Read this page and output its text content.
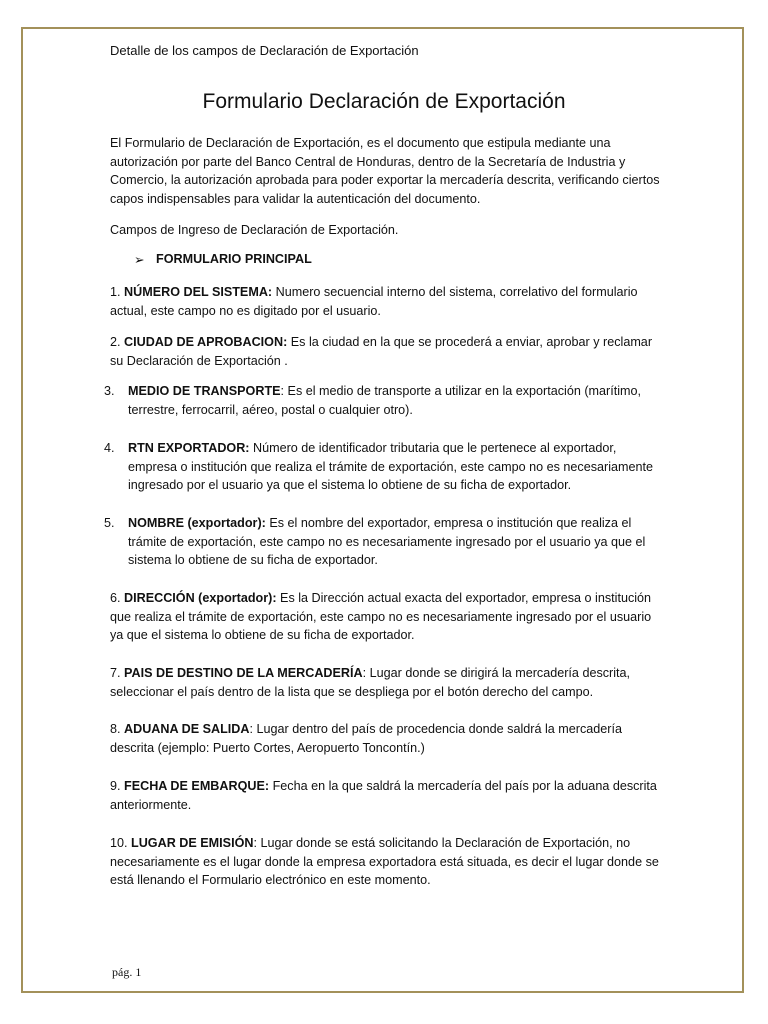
Detalle de los campos de Declaración de Exportación
Formulario Declaración de Exportación
El Formulario de Declaración de Exportación, es el documento que estipula mediante una autorización por parte del Banco Central de Honduras, dentro de la Secretaría de Industria y Comercio, la autorización aprobada para poder exportar la mercadería descrita, verificando ciertos capos indispensables para validar la autenticación del documento.
Campos de Ingreso de Declaración de Exportación.
➢ FORMULARIO PRINCIPAL
1. NÚMERO DEL SISTEMA: Numero secuencial interno del sistema, correlativo del formulario actual, este campo no es digitado por el usuario.
2. CIUDAD DE APROBACION: Es la ciudad en la que se procederá a enviar, aprobar y reclamar su Declaración de Exportación .
3. MEDIO DE TRANSPORTE: Es el medio de transporte a utilizar en la exportación (marítimo, terrestre, ferrocarril, aéreo, postal o cualquier otro).
4. RTN EXPORTADOR: Número de identificador tributaria que le pertenece al exportador, empresa o institución que realiza el trámite de exportación, este campo no es necesariamente ingresado por el usuario ya que el sistema lo obtiene de su ficha de exportador.
5. NOMBRE (exportador): Es el nombre del exportador, empresa o institución que realiza el trámite de exportación, este campo no es necesariamente ingresado por el usuario ya que el sistema lo obtiene de su ficha de exportador.
6. DIRECCIÓN (exportador): Es la Dirección actual exacta del exportador, empresa o institución que realiza el trámite de exportación, este campo no es necesariamente ingresado por el usuario ya que el sistema lo obtiene de su ficha de exportador.
7. PAIS DE DESTINO DE LA MERCADERÍA: Lugar donde se dirigirá la mercadería descrita, seleccionar el país dentro de la lista que se despliega por el botón derecho del campo.
8. ADUANA DE SALIDA: Lugar dentro del país de procedencia donde saldrá la mercadería descrita (ejemplo: Puerto Cortes, Aeropuerto Toncontín.)
9. FECHA DE EMBARQUE: Fecha en la que saldrá la mercadería del país por la aduana descrita anteriormente.
10. LUGAR DE EMISIÓN: Lugar donde se está solicitando la Declaración de Exportación, no necesariamente es el lugar donde la empresa exportadora está situada, es decir el lugar donde se está llenando el Formulario electrónico en este momento.
pág. 1
